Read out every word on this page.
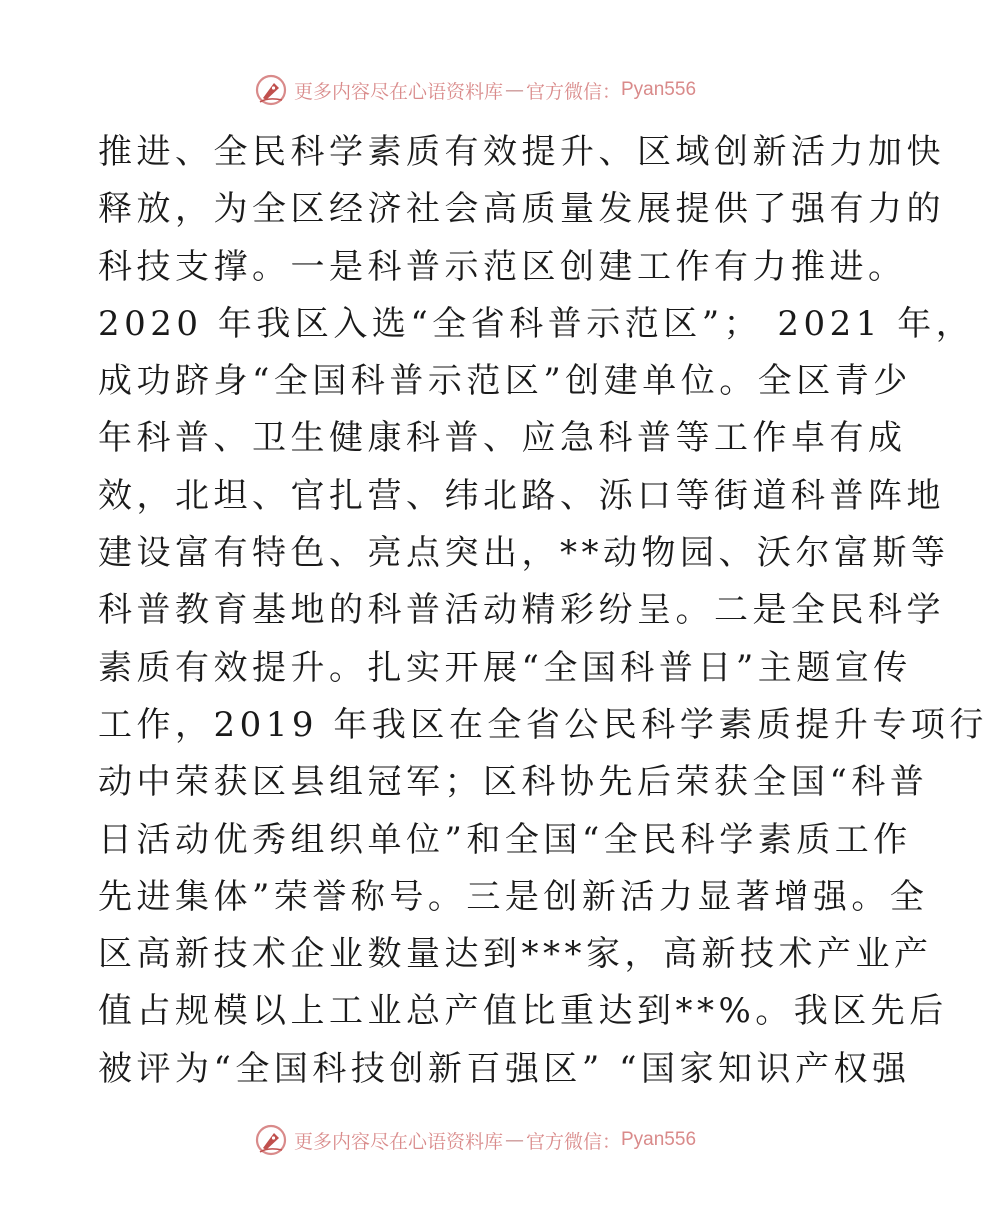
更多内容尽在心语资料库 — 官方微信： Pyan556
推进、全民科学素质有效提升、区域创新活力加快
释放，为全区经济社会高质量发展提供了强有力的
科技支撑。一是科普示范区创建工作有力推进。
2020 年我区入选“全省科普示范区”； 2021 年，
成功跻身“全国科普示范区”创建单位。全区青少
年科普、卫生健康科普、应急科普等工作卓有成
效，北坦、官扎营、纬北路、泺口等街道科普阵地
建设富有特色、亮点突出，**动物园、沃尔富斯等
科普教育基地的科普活动精彩纷呈。二是全民科学
素质有效提升。扎实开展“全国科普日”主题宣传
工作，2019 年我区在全省公民科学素质提升专项行
动中荣获区县组冠军；区科协先后荣获全国“科普
日活动优秀组织单位”和全国“全民科学素质工作
先进集体”荣誉称号。三是创新活力显著增强。全
区高新技术企业数量达到***家，高新技术产业产
值占规模以上工业总产值比重达到**%。我区先后
被评为“全国科技创新百强区” “国家知识产权强
更多内容尽在心语资料库 — 官方微信： Pyan556
